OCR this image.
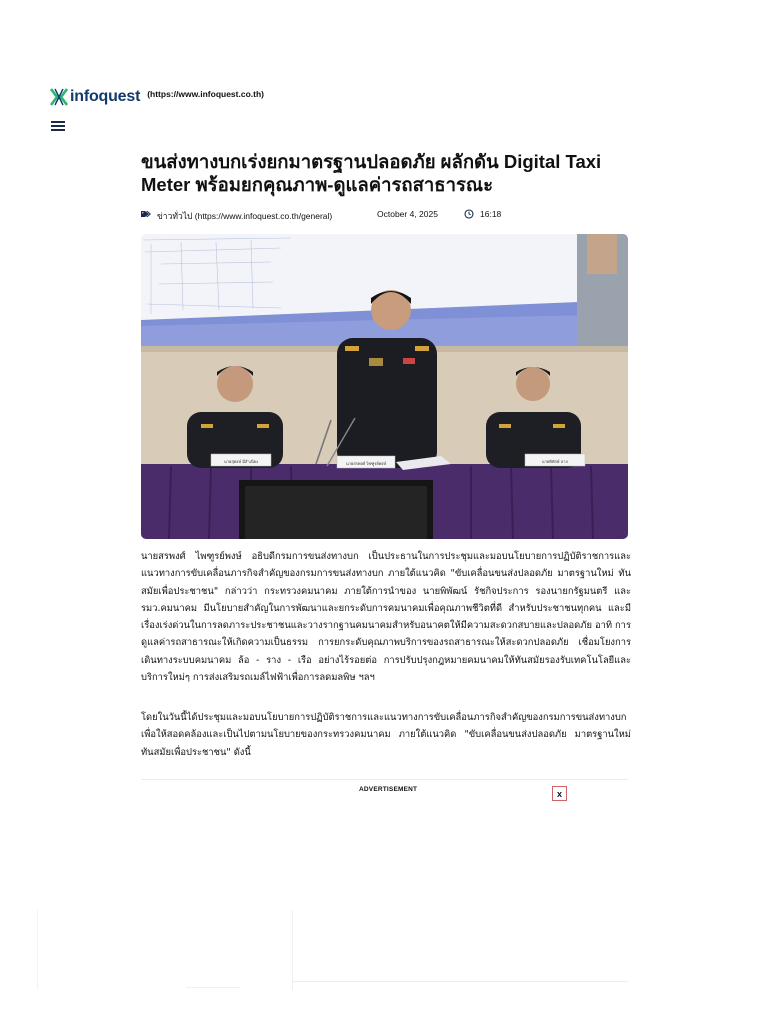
infoquest (https://www.infoquest.co.th)
ขนส่งทางบกเร่งยกมาตรฐานปลอดภัย ผลักดัน Digital Taxi Meter พร้อมยกคุณภาพ-ดูแลค่ารถสาธารณะ
ข่าวทั่วไป (https://www.infoquest.co.th/general)	October 4, 2025	16:18
นายสุพงษ์ มีสำเนียง	นายสรพงศ์ ไพฑูรย์พงษ์	นายพิทักษ์ ลาภ

นายสรพงศ์ ไพฑูรย์พงษ์ อธิบดีกรมการขนส่งทางบก เป็นประธานในการประชุมและมอบนโยบายการปฏิบัติราชการและแนวทางการขับเคลื่อนภารกิจสำคัญของกรมการขนส่งทางบก ภายใต้แนวคิด "ขับเคลื่อนขนส่งปลอดภัย มาตรฐานใหม่ ทันสมัยเพื่อประชาชน" กล่าวว่า กระทรวงคมนาคม ภายใต้การนำของ นายพิพัฒน์ รัชกิจประการ รองนายกรัฐมนตรี และรมว.คมนาคม มีนโยบายสำคัญในการพัฒนาและยกระดับการคมนาคมเพื่อคุณภาพชีวิตที่ดี สำหรับประชาชนทุกคน และมีเรื่องเร่งด่วนในการลดภาระประชาชนและวางรากฐานคมนาคมสำหรับอนาคตให้มีความสะดวกสบายและปลอดภัย อาทิ การดูแลค่ารถสาธารณะให้เกิดความเป็นธรรม การยกระดับคุณภาพบริการของรถสาธารณะให้สะดวกปลอดภัย เชื่อมโยงการเดินทางระบบคมนาคม ล้อ - ราง - เรือ อย่างไร้รอยต่อ การปรับปรุงกฎหมายคมนาคมให้ทันสมัยรองรับเทคโนโลยีและบริการใหม่ๆ การส่งเสริมรถเมล์ไฟฟ้าเพื่อการลดมลพิษ ฯลฯ

โดยในวันนี้ได้ประชุมและมอบนโยบายการปฏิบัติราชการและแนวทางการขับเคลื่อนภารกิจสำคัญของกรมการขนส่งทางบกเพื่อให้สอดคล้องและเป็นไปตามนโยบายของกระทรวงคมนาคม ภายใต้แนวคิด "ขับเคลื่อนขนส่งปลอดภัย มาตรฐานใหม่ ทันสมัยเพื่อประชาชน" ดังนี้

ADVERTISEMENT	x
